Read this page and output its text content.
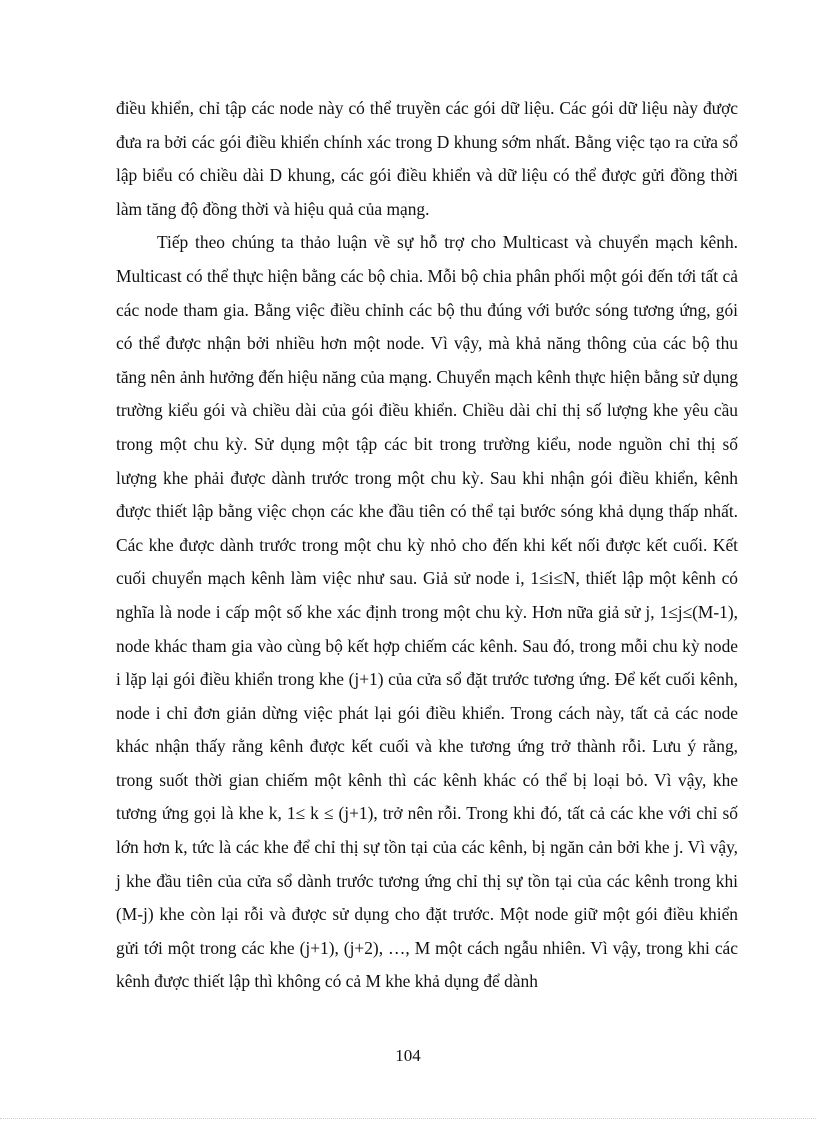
điều khiển, chỉ tập các node này có thể truyền các gói dữ liệu. Các gói dữ liệu này được đưa ra bởi các gói điều khiển chính xác trong D khung sớm nhất. Bằng việc tạo ra cửa sổ lập biểu có chiều dài D khung, các gói điều khiển và dữ liệu có thể được gửi đồng thời làm tăng độ đồng thời và hiệu quả của mạng.

Tiếp theo chúng ta thảo luận về sự hỗ trợ cho Multicast và chuyển mạch kênh. Multicast có thể thực hiện bằng các bộ chia. Mỗi bộ chia phân phối một gói đến tới tất cả các node tham gia. Bằng việc điều chỉnh các bộ thu đúng với bước sóng tương ứng, gói có thể được nhận bởi nhiều hơn một node. Vì vậy, mà khả năng thông của các bộ thu tăng nên ảnh hưởng đến hiệu năng của mạng. Chuyển mạch kênh thực hiện bằng sử dụng trường kiểu gói và chiều dài của gói điều khiển. Chiều dài chỉ thị số lượng khe yêu cầu trong một chu kỳ. Sử dụng một tập các bit trong trường kiểu, node nguồn chỉ thị số lượng khe phải được dành trước trong một chu kỳ. Sau khi nhận gói điều khiển, kênh được thiết lập bằng việc chọn các khe đầu tiên có thể tại bước sóng khả dụng thấp nhất. Các khe được dành trước trong một chu kỳ nhỏ cho đến khi kết nối được kết cuối. Kết cuối chuyển mạch kênh làm việc như sau. Giả sử node i, 1≤i≤N, thiết lập một kênh có nghĩa là node i cấp một số khe xác định trong một chu kỳ. Hơn nữa giả sử j, 1≤j≤(M-1), node khác tham gia vào cùng bộ kết hợp chiếm các kênh. Sau đó, trong mỗi chu kỳ node i lặp lại gói điều khiển trong khe (j+1) của cửa sổ đặt trước tương ứng. Để kết cuối kênh, node i chỉ đơn giản dừng việc phát lại gói điều khiển. Trong cách này, tất cả các node khác nhận thấy rằng kênh được kết cuối và khe tương ứng trở thành rỗi. Lưu ý rằng, trong suốt thời gian chiếm một kênh thì các kênh khác có thể bị loại bỏ. Vì vậy, khe tương ứng gọi là khe k, 1≤ k ≤ (j+1), trở nên rỗi. Trong khi đó, tất cả các khe với chỉ số lớn hơn k, tức là các khe để chỉ thị sự tồn tại của các kênh, bị ngăn cản bởi khe j. Vì vậy, j khe đầu tiên của cửa sổ dành trước tương ứng chỉ thị sự tồn tại của các kênh trong khi (M-j) khe còn lại rỗi và được sử dụng cho đặt trước. Một node giữ một gói điều khiển gửi tới một trong các khe (j+1), (j+2), …, M một cách ngẫu nhiên. Vì vậy, trong khi các kênh được thiết lập thì không có cả M khe khả dụng để dành

104
